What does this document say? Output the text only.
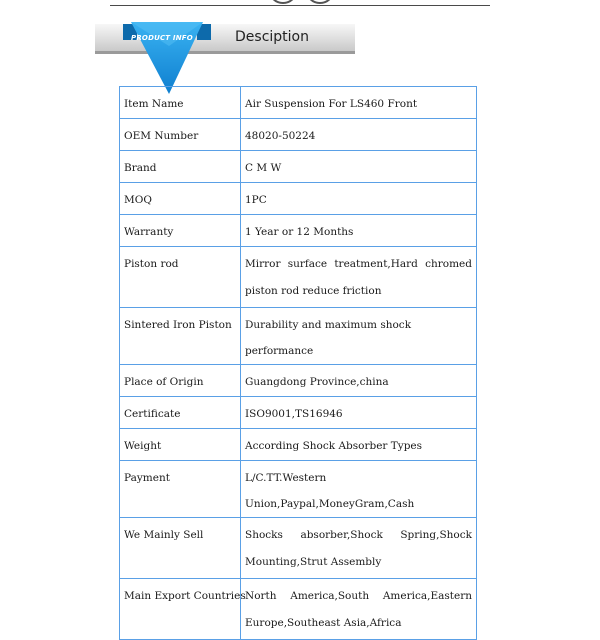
PRODUCT INFO	Desciption
Item Name	Air Suspension For LS460 Front
OEM Number	48020-50224
Brand	C M W
MOQ	1PC
Warranty	1 Year or 12 Months
Piston rod	Mirror surface treatment,Hard chromed piston rod reduce friction
Sintered Iron Piston	Durability and maximum shock performance
Place of Origin	Guangdong Province,china
Certificate	ISO9001,TS16946
Weight	According Shock Absorber Types
Payment	L/C.TT.Western Union,Paypal,MoneyGram,Cash
We Mainly Sell	Shocks absorber,Shock Spring,Shock Mounting,Strut Assembly
Main Export Countries	North America,South America,Eastern Europe,Southeast Asia,Africa
